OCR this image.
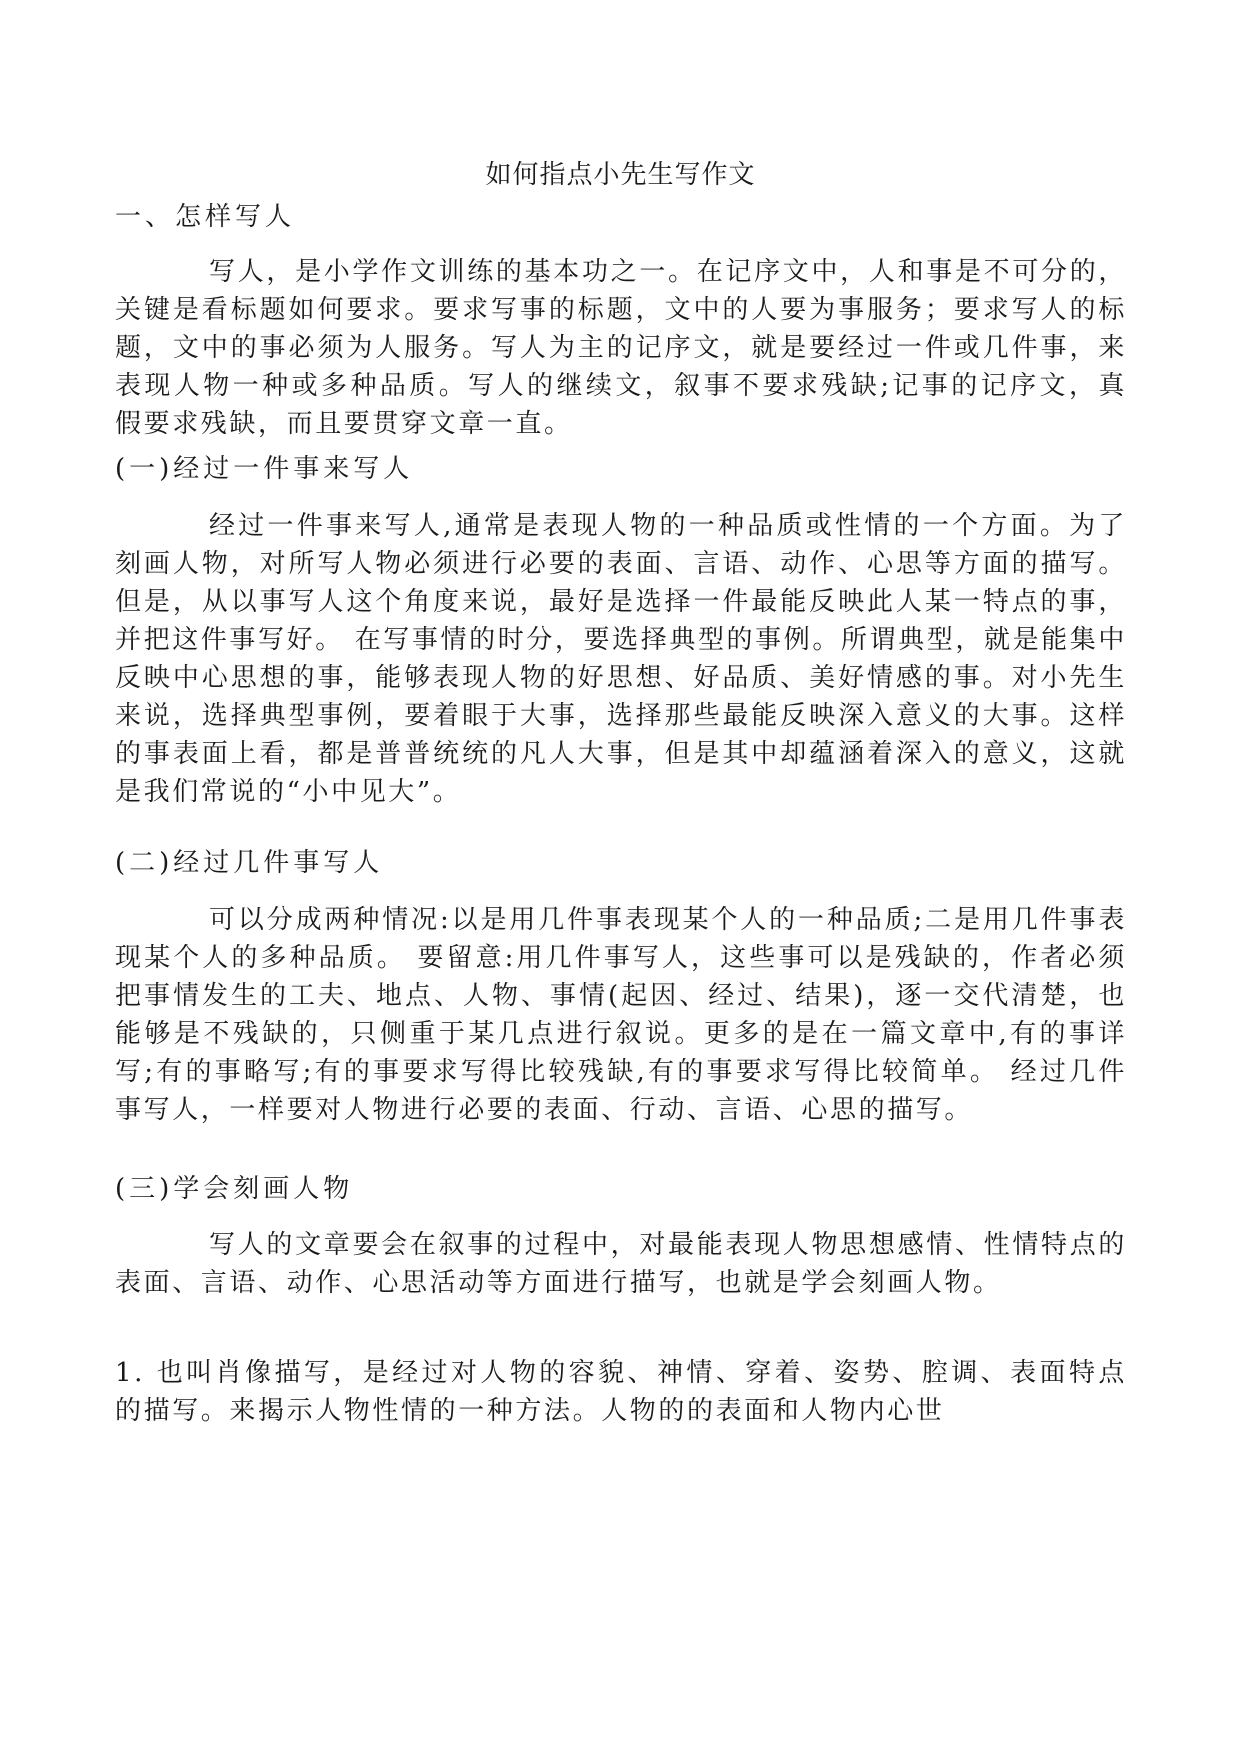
如何指点小先生写作文
一、怎样写人

写人，是小学作文训练的基本功之一。在记序文中，人和事是不可分的，关键是看标题如何要求。要求写事的标题，文中的人要为事服务；要求写人的标题，文中的事必须为人服务。写人为主的记序文，就是要经过一件或几件事，来表现人物一种或多种品质。写人的继续文，叙事不要求残缺;记事的记序文，真假要求残缺，而且要贯穿文章一直。

(一)经过一件事来写人

经过一件事来写人,通常是表现人物的一种品质或性情的一个方面。为了刻画人物，对所写人物必须进行必要的表面、言语、动作、心思等方面的描写。但是，从以事写人这个角度来说，最好是选择一件最能反映此人某一特点的事，并把这件事写好。 在写事情的时分，要选择典型的事例。所谓典型，就是能集中反映中心思想的事，能够表现人物的好思想、好品质、美好情感的事。对小先生来说，选择典型事例，要着眼于大事，选择那些最能反映深入意义的大事。这样的事表面上看，都是普普统统的凡人大事，但是其中却蕴涵着深入的意义，这就是我们常说的“小中见大”。

(二)经过几件事写人

可以分成两种情况:以是用几件事表现某个人的一种品质;二是用几件事表现某个人的多种品质。 要留意:用几件事写人，这些事可以是残缺的，作者必须把事情发生的工夫、地点、人物、事情(起因、经过、结果)，逐一交代清楚，也能够是不残缺的，只侧重于某几点进行叙说。更多的是在一篇文章中,有的事详写;有的事略写;有的事要求写得比较残缺,有的事要求写得比较简单。 经过几件事写人，一样要对人物进行必要的表面、行动、言语、心思的描写。

(三)学会刻画人物

写人的文章要会在叙事的过程中，对最能表现人物思想感情、性情特点的表面、言语、动作、心思活动等方面进行描写，也就是学会刻画人物。

1. 也叫肖像描写，是经过对人物的容貌、神情、穿着、姿势、腔调、表面特点的描写。来揭示人物性情的一种方法。人物的的表面和人物内心世
